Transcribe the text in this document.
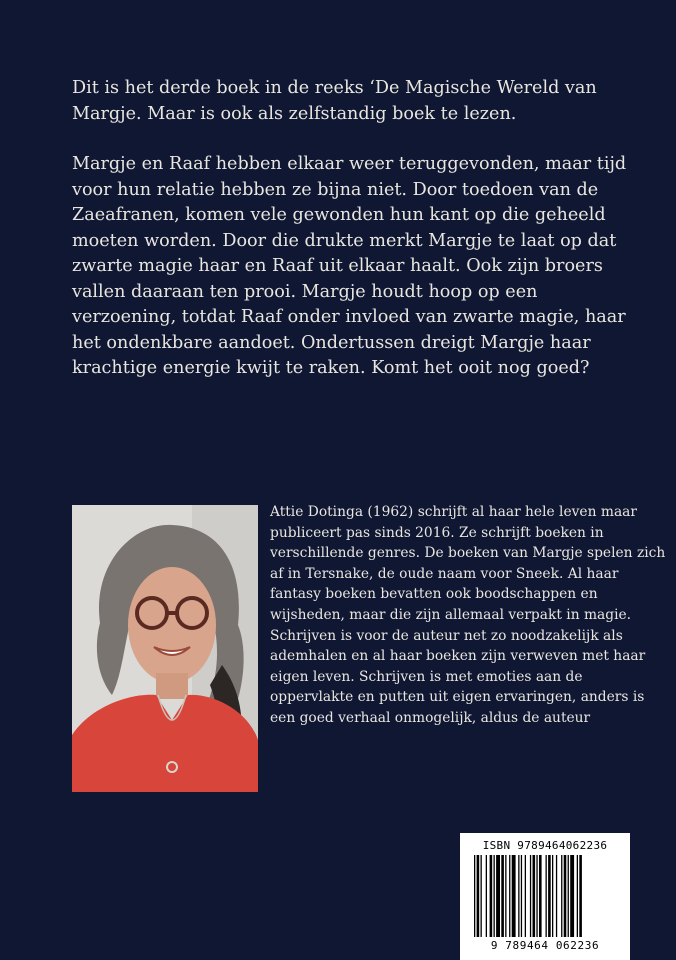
Dit is het derde boek in de reeks ‘De Magische Wereld van Margje. Maar is ook als zelfstandig boek te lezen.

Margje en Raaf hebben elkaar weer teruggevonden, maar tijd voor hun relatie hebben ze bijna niet. Door toedoen van de Zaeafranen, komen vele gewonden hun kant op die geheeld moeten worden. Door die drukte merkt Margje te laat op dat zwarte magie haar en Raaf uit elkaar haalt. Ook zijn broers vallen daaraan ten prooi. Margje houdt hoop op een verzoening, totdat Raaf onder invloed van zwarte magie, haar het ondenkbare aandoet. Ondertussen dreigt Margje haar krachtige energie kwijt te raken. Komt het ooit nog goed?

Attie Dotinga (1962) schrijft al haar hele leven maar publiceert pas sinds 2016. Ze schrijft boeken in verschillende genres. De boeken van Margje spelen zich af in Tersnake, de oude naam voor Sneek. Al haar fantasy boeken bevatten ook boodschappen en wijsheden, maar die zijn allemaal verpakt in magie. Schrijven is voor de auteur net zo noodzakelijk als ademhalen en al haar boeken zijn verweven met haar eigen leven. Schrijven is met emoties aan de oppervlakte en putten uit eigen ervaringen, anders is een goed verhaal onmogelijk, aldus de auteur

ISBN 9789464062236
9 789464 062236
